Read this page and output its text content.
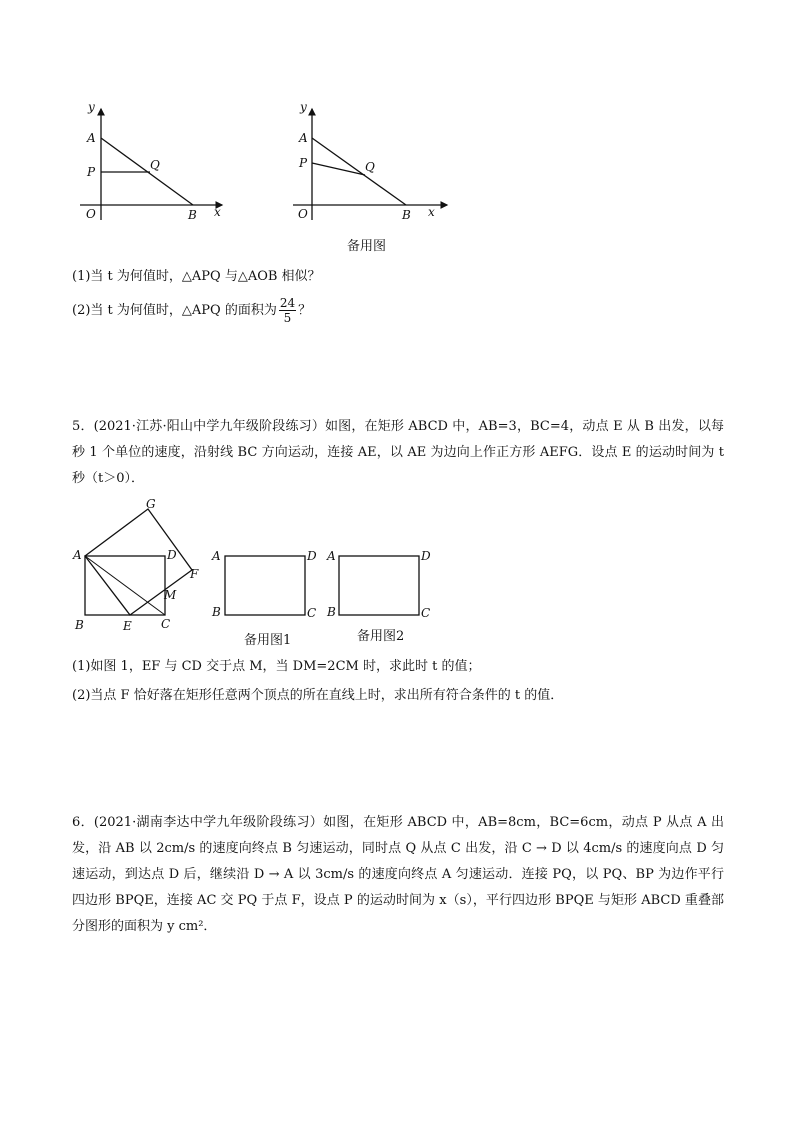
y
A
P	Q
O	B x
y
A
P	Q
O	B x
备用图
(1)当 t 为何值时，△APQ 与△AOB 相似？
(2)当 t 为何值时，△APQ 的面积为 $\frac{24}{5}$ ？
5．(2021·江苏·阳山中学九年级阶段练习）如图，在矩形 ABCD 中，AB=3，BC=4，动点 E 从 B 出发，以每秒 1 个单位的速度，沿射线 BC 方向运动，连接 AE，以 AE 为边向上作正方形 AEFG．设点 E 的运动时间为 t 秒（t＞0）．
A
B	C
D
E
F
G
M
A	D
B	C
备用图1
A	D
B	C
备用图2
(1)如图 1，EF 与 CD 交于点 M，当 DM=2CM 时，求此时 t 的值；
(2)当点 F 恰好落在矩形任意两个顶点的所在直线上时，求出所有符合条件的 t 的值．
6．(2021·湖南李达中学九年级阶段练习）如图，在矩形 ABCD 中，AB=8cm，BC=6cm，动点 P 从点 A 出发，沿 AB 以 2cm/s 的速度向终点 B 匀速运动，同时点 Q 从点 C 出发，沿 C → D 以 4cm/s 的速度向点 D 匀速运动，到达点 D 后，继续沿 D → A 以 3cm/s 的速度向终点 A 匀速运动．连接 PQ，以 PQ、BP 为边作平行四边形 BPQE，连接 AC 交 PQ 于点 F，设点 P 的运动时间为 x（s），平行四边形 BPQE 与矩形 ABCD 重叠部分图形的面积为 y cm²．
